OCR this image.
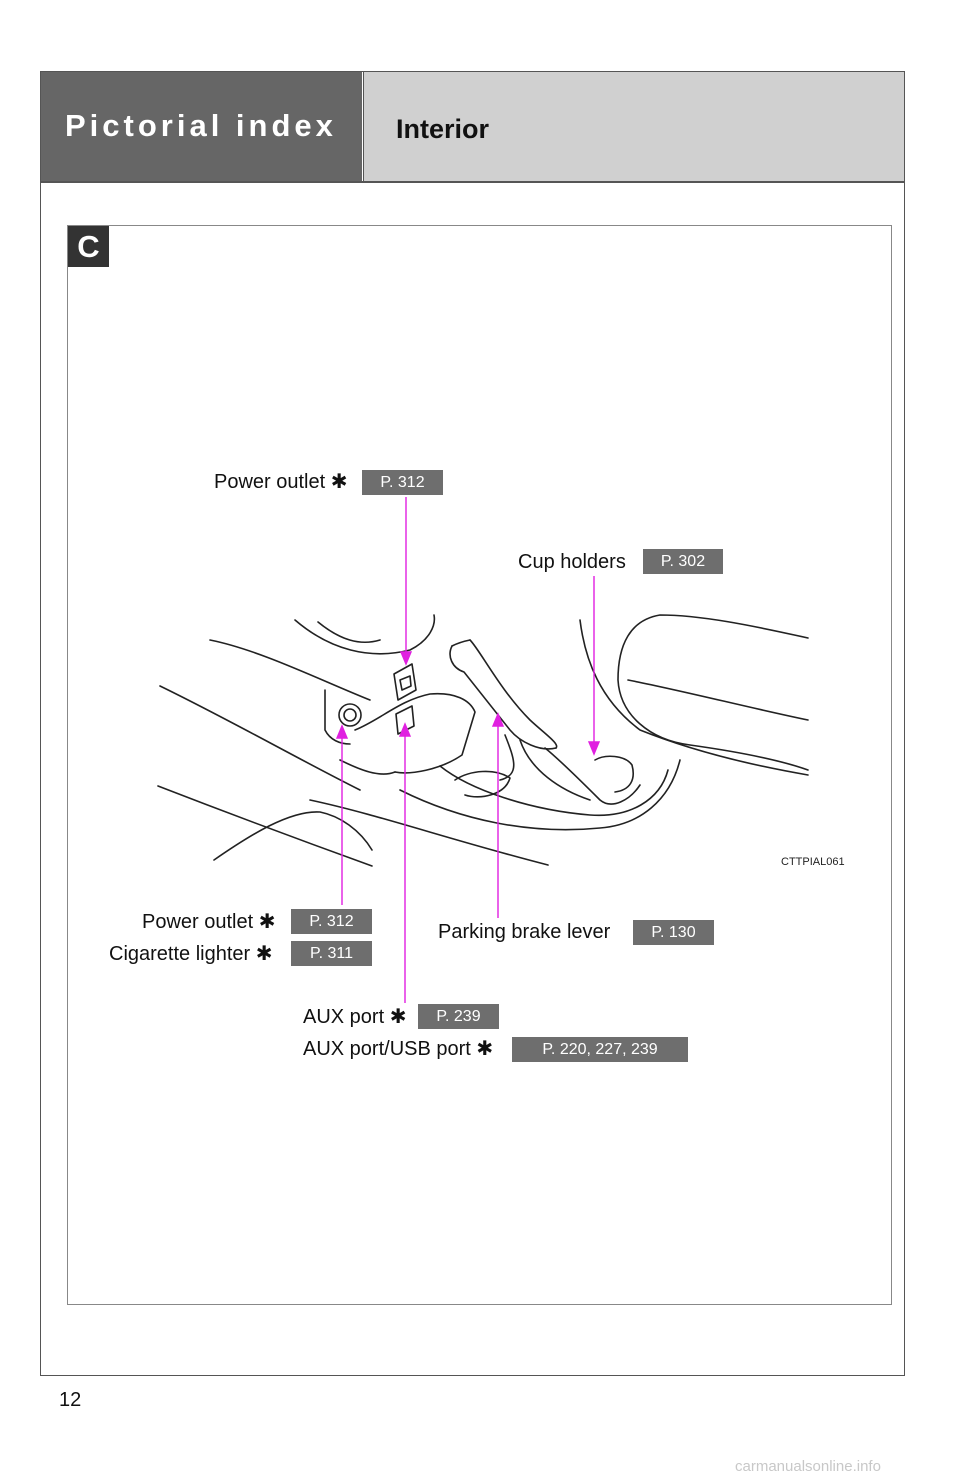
Pictorial index Interior
C
CTTPIAL061
Power outlet ✱	P. 312
Cup holders	P. 302
Power outlet ✱	P. 312
Cigarette lighter ✱	P. 311
Parking brake lever	P. 130
AUX port ✱	P. 239
AUX port/USB port ✱	P. 220, 227, 239
12
carmanualsonline.info
